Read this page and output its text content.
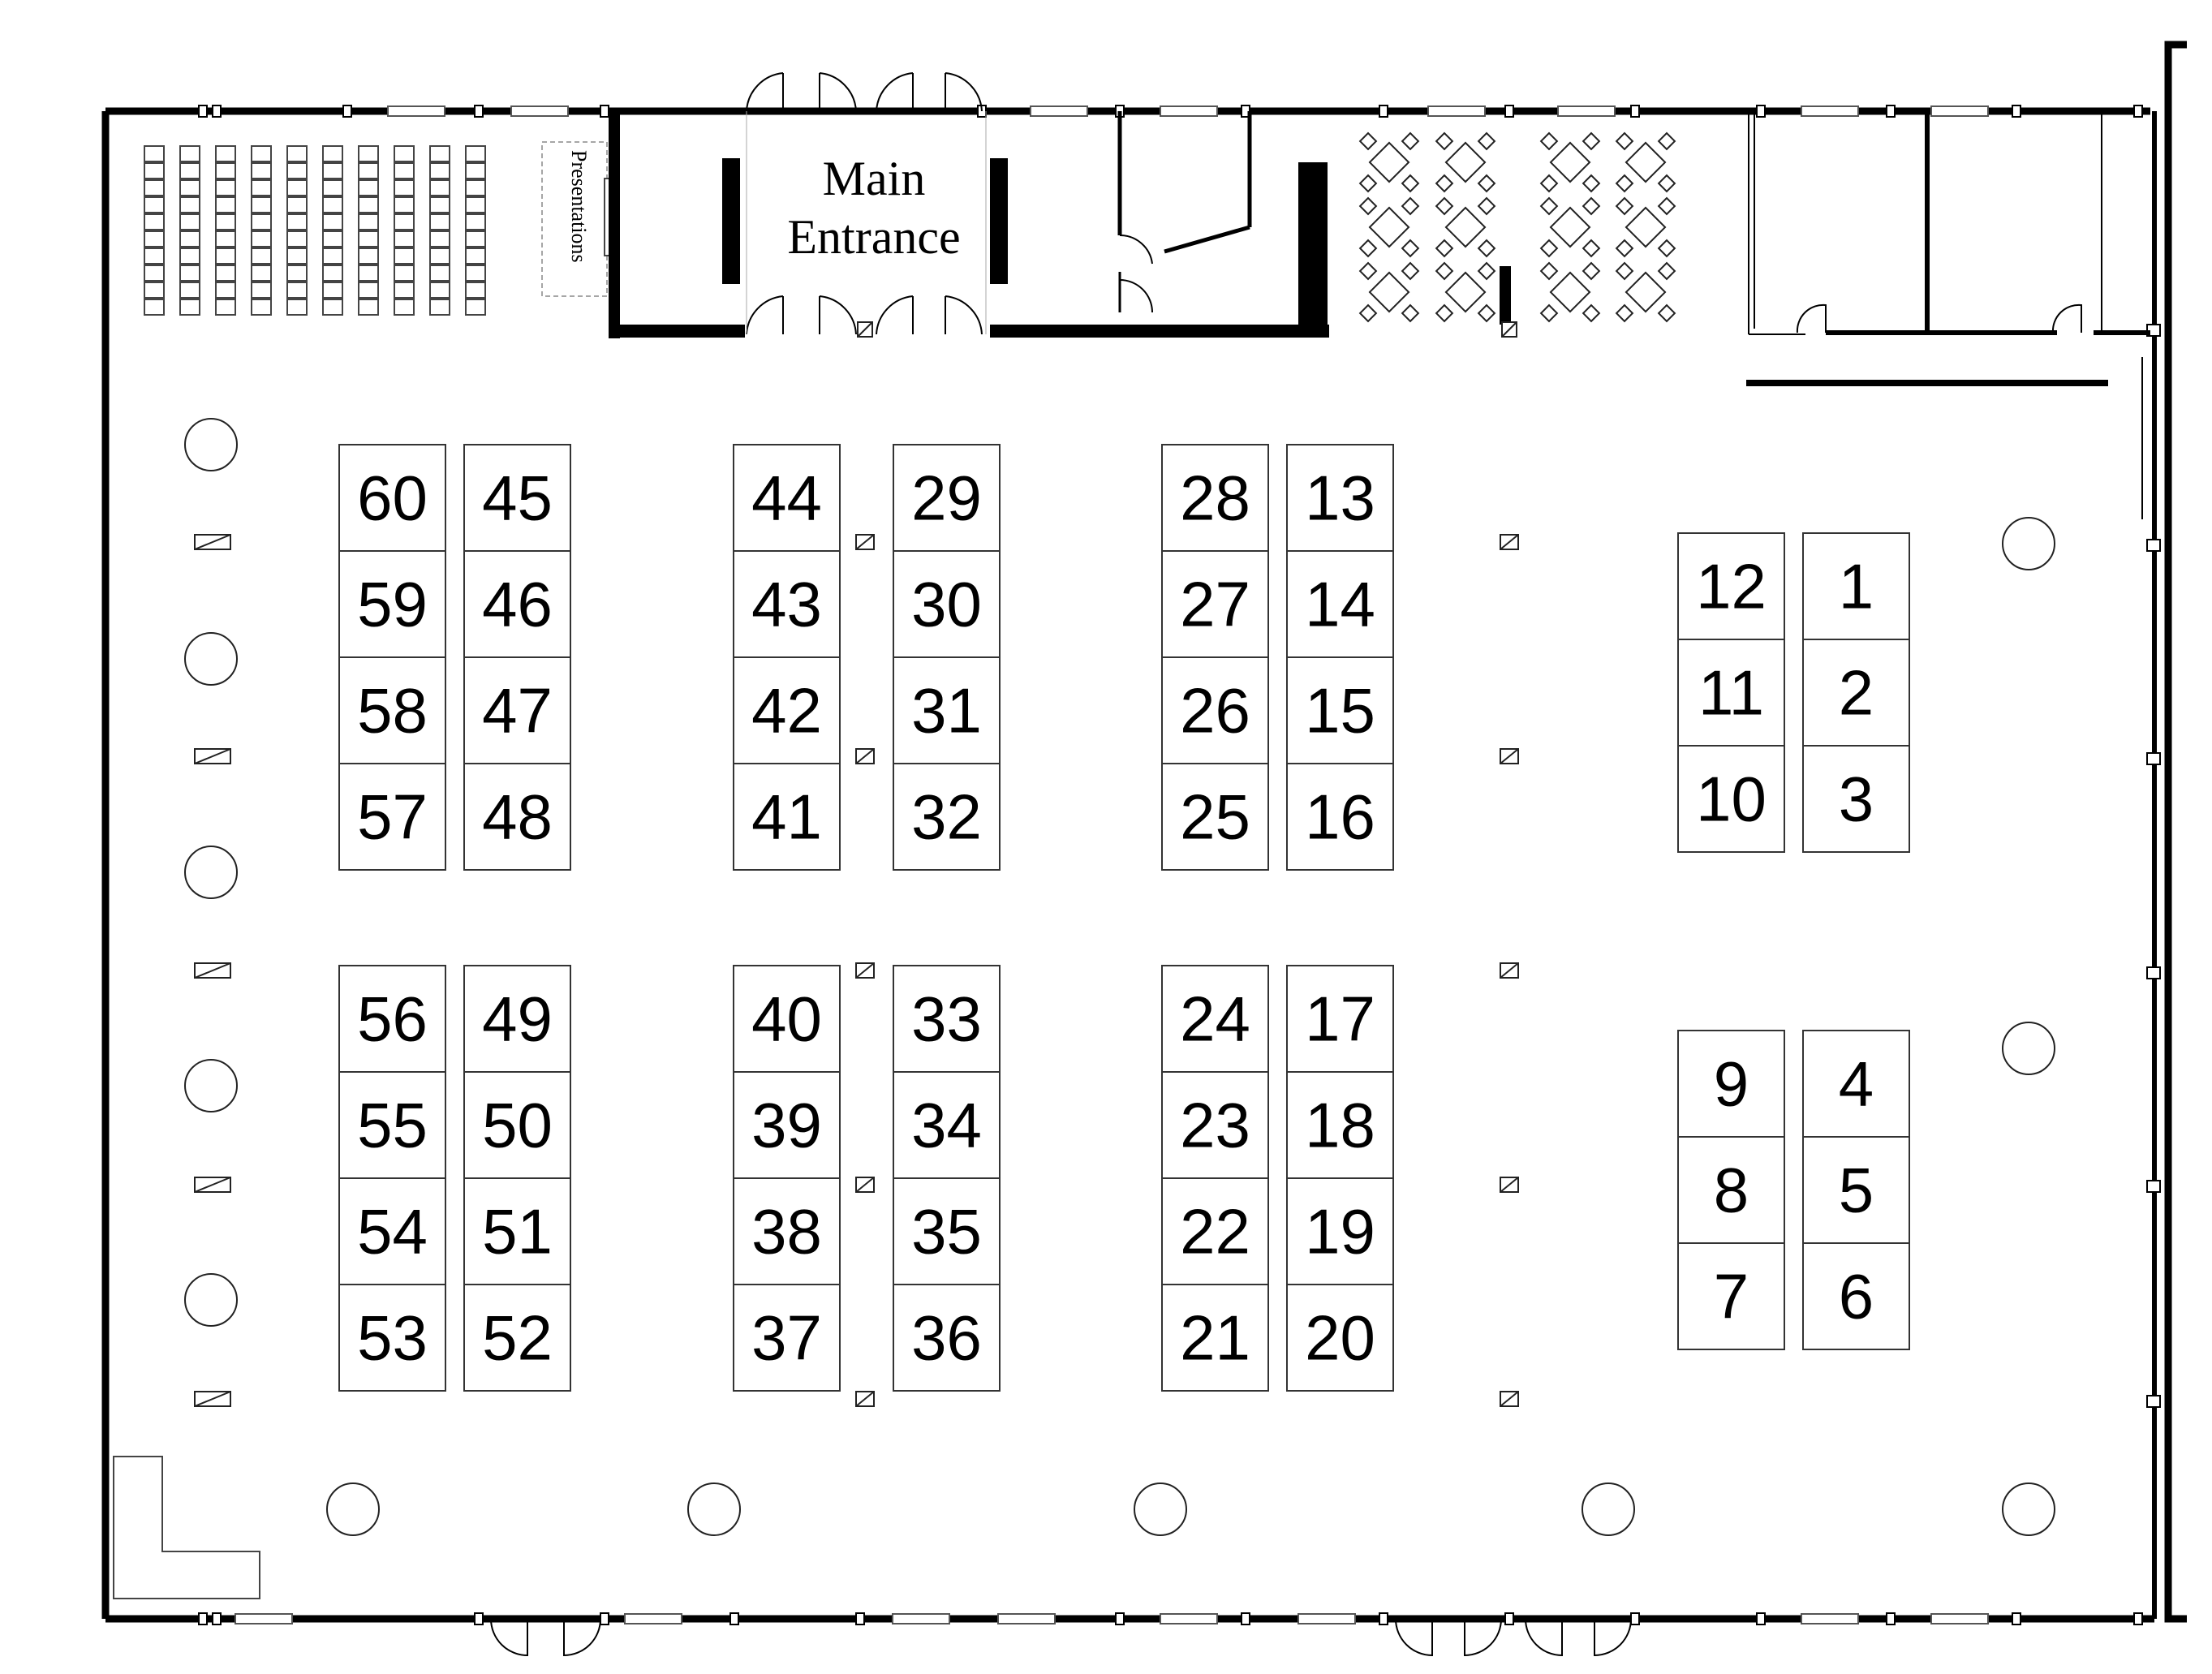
Presentations	Main
Entrance
60
59
58
57
45
46
47
48
56
55
54
53
49
50
51
52
44
43
42
41
29
30
31
32
40
39
38
37
33
34
35
36
28
27
26
25
13
14
15
16
24
23
22
21
17
18
19
20
12
11
10
1
2
3
9
8
7
4
5
6
